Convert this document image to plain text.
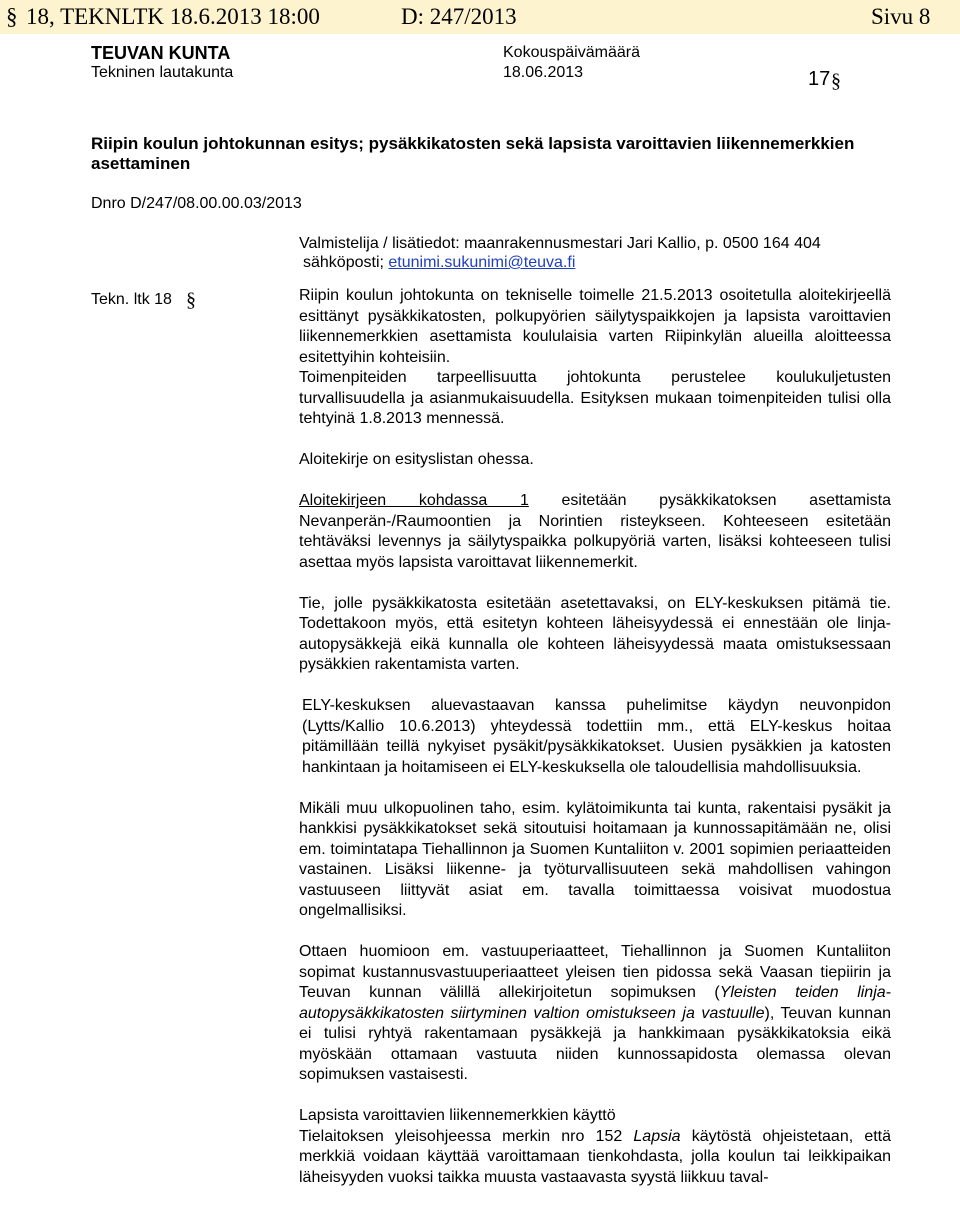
§ 18, TEKNLTK 18.6.2013 18:00	D: 247/2013	Sivu 8
TEUVAN KUNTA
Tekninen lautakunta
Kokouspäivämäärä
18.06.2013	17 §
Riipin koulun johtokunnan esitys; pysäkkikatosten sekä lapsista varoittavien liikennemerkkien asettaminen
Dnro D/247/08.00.00.03/2013
Valmistelija / lisätiedot: maanrakennusmestari Jari Kallio, p. 0500 164 404
sähköposti; etunimi.sukunimi@teuva.fi
Tekn. ltk 18 §	Riipin koulun johtokunta on tekniselle toimelle 21.5.2013 osoitetulla aloitekirjeellä esittänyt pysäkkikatosten, polkupyörien säilytyspaikkojen ja lapsista varoittavien liikennemerkkien asettamista koululaisia varten Riipinkylän alueilla aloitteessa esitettyihin kohteisiin.

Toimenpiteiden tarpeellisuutta johtokunta perustelee koulukuljetusten turvallisuudella ja asianmukaisuudella. Esityksen mukaan toimenpiteiden tulisi olla tehtyinä 1.8.2013 mennessä.

Aloitekirje on esityslistan ohessa.

Aloitekirjeen kohdassa 1 esitetään pysäkkikatoksen asettamista Nevanperän-/Raumoontien ja Norintien risteykseen. Kohteeseen esitetään tehtäväksi levennys ja säilytyspaikka polkupyöriä varten, lisäksi kohteeseen tulisi asettaa myös lapsista varoittavat liikennemerkit.

Tie, jolle pysäkkikatosta esitetään asetettavaksi, on ELY-keskuksen pitämä tie. Todettakoon myös, että esitetyn kohteen läheisyydessä ei ennestään ole linja-autopysäkkejä eikä kunnalla ole kohteen läheisyydessä maata omistuksessaan pysäkkien rakentamista varten.

ELY-keskuksen aluevastaavan kanssa puhelimitse käydyn neuvonpidon (Lytts/Kallio 10.6.2013) yhteydessä todettiin mm., että ELY-keskus hoitaa pitämillään teillä nykyiset pysäkit/pysäkkikatokset. Uusien pysäkkien ja katosten hankintaan ja hoitamiseen ei ELY-keskuksella ole taloudellisia mahdollisuuksia.

Mikäli muu ulkopuolinen taho, esim. kylätoimikunta tai kunta, rakentaisi pysäkit ja hankkisi pysäkkikatokset sekä sitoutuisi hoitamaan ja kunnossapitämään ne, olisi em. toimintatapa Tiehallinnon ja Suomen Kuntaliiton v. 2001 sopimien periaatteiden vastainen. Lisäksi liikenne- ja työturvallisuuteen sekä mahdollisen vahingon vastuuseen liittyvät asiat em. tavalla toimittaessa voisivat muodostua ongelmallisiksi.

Ottaen huomioon em. vastuuperiaatteet, Tiehallinnon ja Suomen Kuntaliiton sopimat kustannusvastuuperiaatteet yleisen tien pidossa sekä Vaasan tiepiirin ja Teuvan kunnan välillä allekirjoitetun sopimuksen (Yleisten teiden linja-autopysäkkikatosten siirtyminen valtion omistukseen ja vastuulle), Teuvan kunnan ei tulisi ryhtyä rakentamaan pysäkkejä ja hankkimaan pysäkkikatoksia eikä myöskään ottamaan vastuuta niiden kunnossapidosta olemassa olevan sopimuksen vastaisesti.

Lapsista varoittavien liikennemerkkien käyttö

Tielaitoksen yleisohjeessa merkin nro 152 Lapsia käytöstä ohjeistetaan, että merkkiä voidaan käyttää varoittamaan tienkohdasta, jolla koulun tai leikkipaikan läheisyyden vuoksi taikka muusta vastaavasta syystä liikkuu taval-
